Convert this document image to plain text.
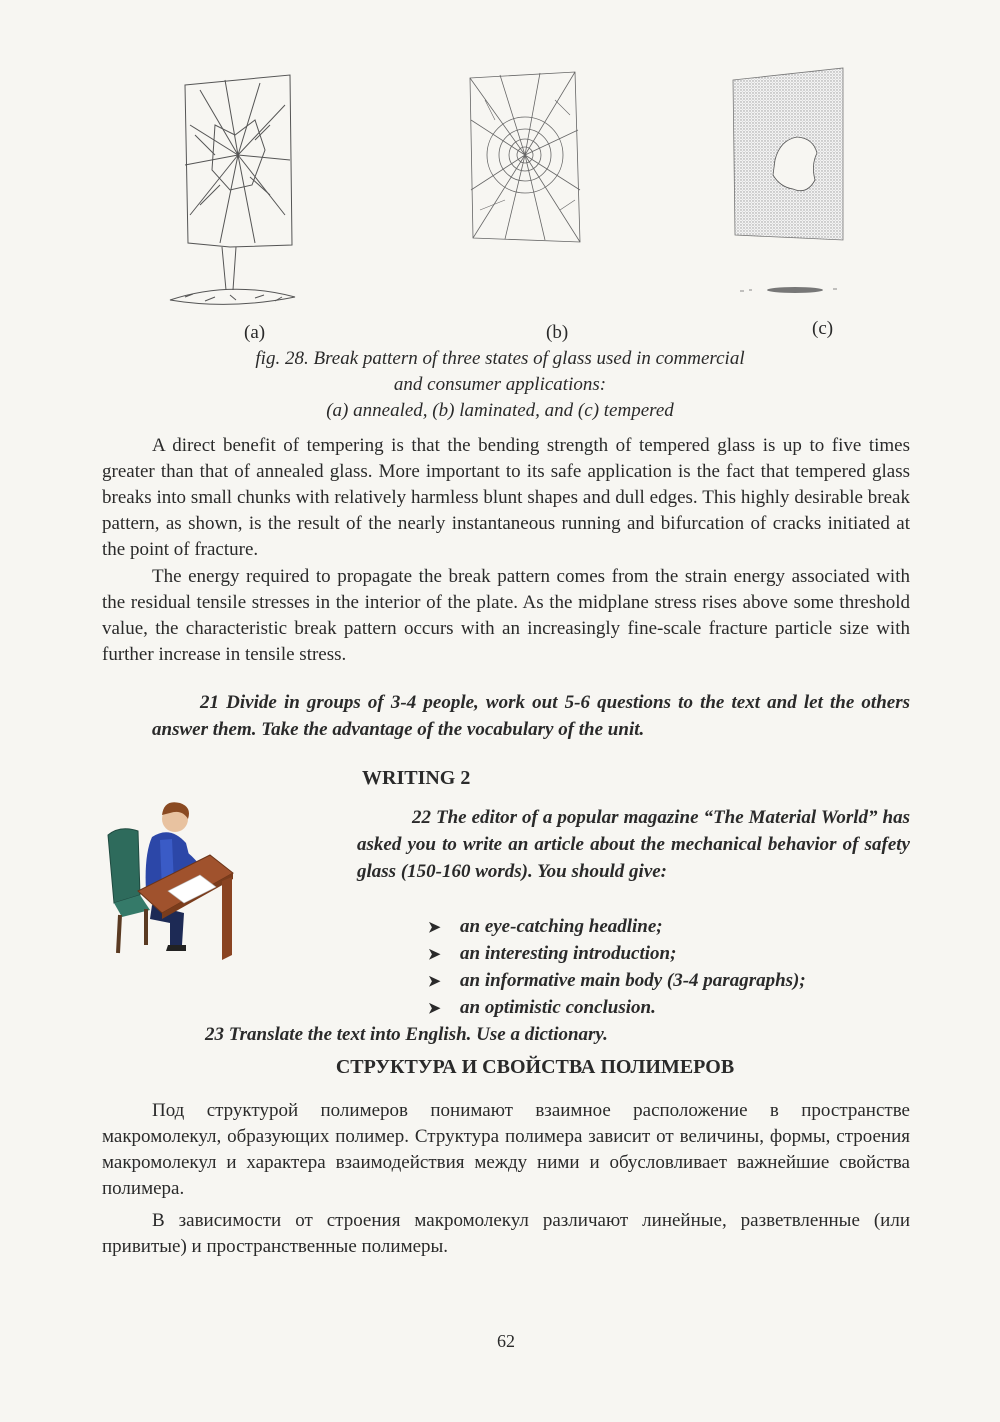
(a)	(b)	(c)
fig. 28. Break pattern of three states of glass used in commercial
and consumer applications:
(a) annealed, (b) laminated, and (c) tempered
A direct benefit of tempering is that the bending strength of tempered glass is up to five times greater than that of annealed glass. More important to its safe application is the fact that tempered glass breaks into small chunks with relatively harmless blunt shapes and dull edges. This highly desirable break pattern, as shown, is the result of the nearly instantaneous running and bifurcation of cracks initiated at the point of fracture.
The energy required to propagate the break pattern comes from the strain energy associated with the residual tensile stresses in the interior of the plate. As the midplane stress rises above some threshold value, the characteristic break pattern occurs with an increasingly fine-scale fracture particle size with further increase in tensile stress.
21 Divide in groups of 3-4 people, work out 5-6 questions to the text and let the others answer them. Take the advantage of the vocabulary of the unit.
WRITING 2
22 The editor of a popular magazine “The Material World” has asked you to write an article about the mechanical behavior of safety glass (150-160 words). You should give:
➤ an eye-catching headline;
➤ an interesting introduction;
➤ an informative main body (3-4 paragraphs);
➤ an optimistic conclusion.
23 Translate the text into English. Use a dictionary.
СТРУКТУРА И СВОЙСТВА ПОЛИМЕРОВ
Под структурой полимеров понимают взаимное расположение в пространстве макромолекул, образующих полимер. Структура полимера зависит от величины, формы, строения макромолекул и характера взаимодействия между ними и обусловливает важнейшие свойства полимера.
В зависимости от строения макромолекул различают линейные, разветвленные (или привитые) и пространственные полимеры.
62
